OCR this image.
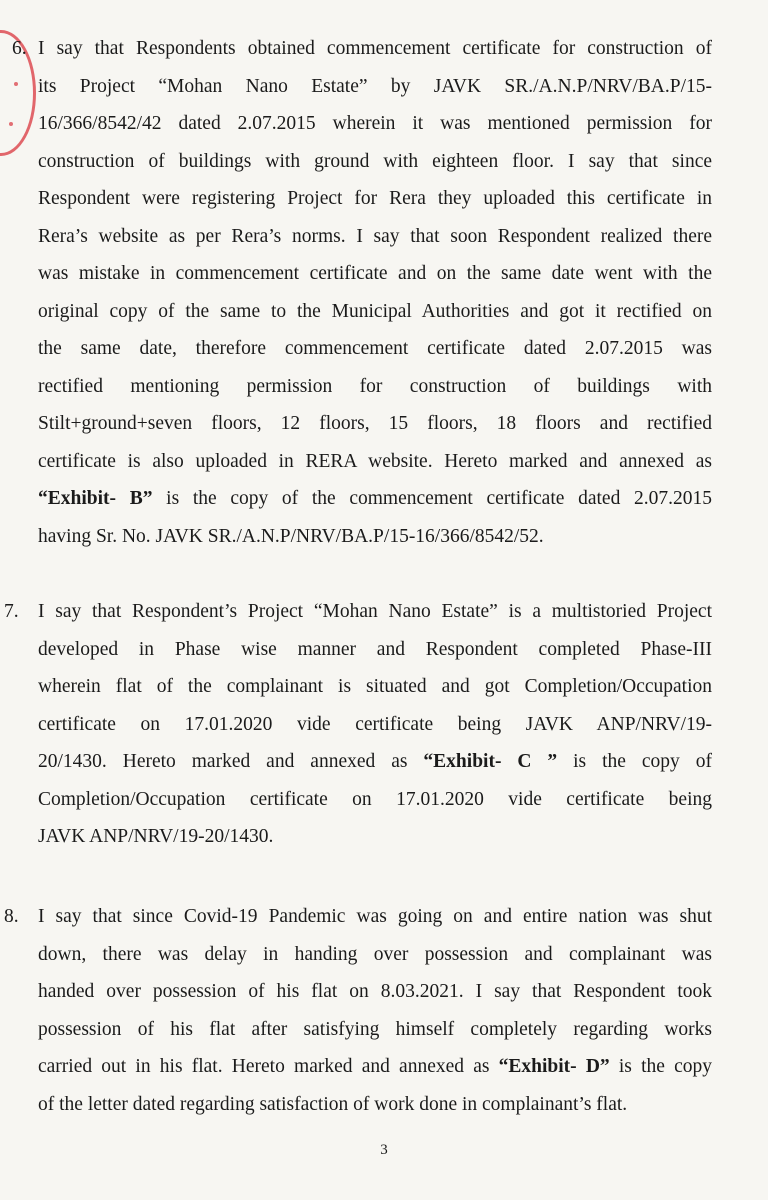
6. I say that Respondents obtained commencement certificate for construction of
its Project “Mohan Nano Estate” by JAVK SR./A.N.P/NRV/BA.P/15-
16/366/8542/42 dated 2.07.2015 wherein it was mentioned permission for
construction of buildings with ground with eighteen floor. I say that since
Respondent were registering Project for Rera they uploaded this certificate in
Rera’s website as per Rera’s norms. I say that soon Respondent realized there
was mistake in commencement certificate and on the same date went with the
original copy of the same to the Municipal Authorities and got it rectified on
the same date, therefore commencement certificate dated 2.07.2015 was
rectified mentioning permission for construction of buildings with
Stilt+ground+seven floors, 12 floors, 15 floors, 18 floors and rectified
certificate is also uploaded in RERA website. Hereto marked and annexed as
“Exhibit- B” is the copy of the commencement certificate dated 2.07.2015
having Sr. No. JAVK SR./A.N.P/NRV/BA.P/15-16/366/8542/52.
7. I say that Respondent’s Project “Mohan Nano Estate” is a multistoried Project
developed in Phase wise manner and Respondent completed Phase-III
wherein flat of the complainant is situated and got Completion/Occupation
certificate on 17.01.2020 vide certificate being JAVK ANP/NRV/19-
20/1430. Hereto marked and annexed as “Exhibit- C ” is the copy of
Completion/Occupation certificate on 17.01.2020 vide certificate being
JAVK ANP/NRV/19-20/1430.
8. I say that since Covid-19 Pandemic was going on and entire nation was shut
down, there was delay in handing over possession and complainant was
handed over possession of his flat on 8.03.2021. I say that Respondent took
possession of his flat after satisfying himself completely regarding works
carried out in his flat. Hereto marked and annexed as “Exhibit- D” is the copy
of the letter dated regarding satisfaction of work done in complainant’s flat.
3
